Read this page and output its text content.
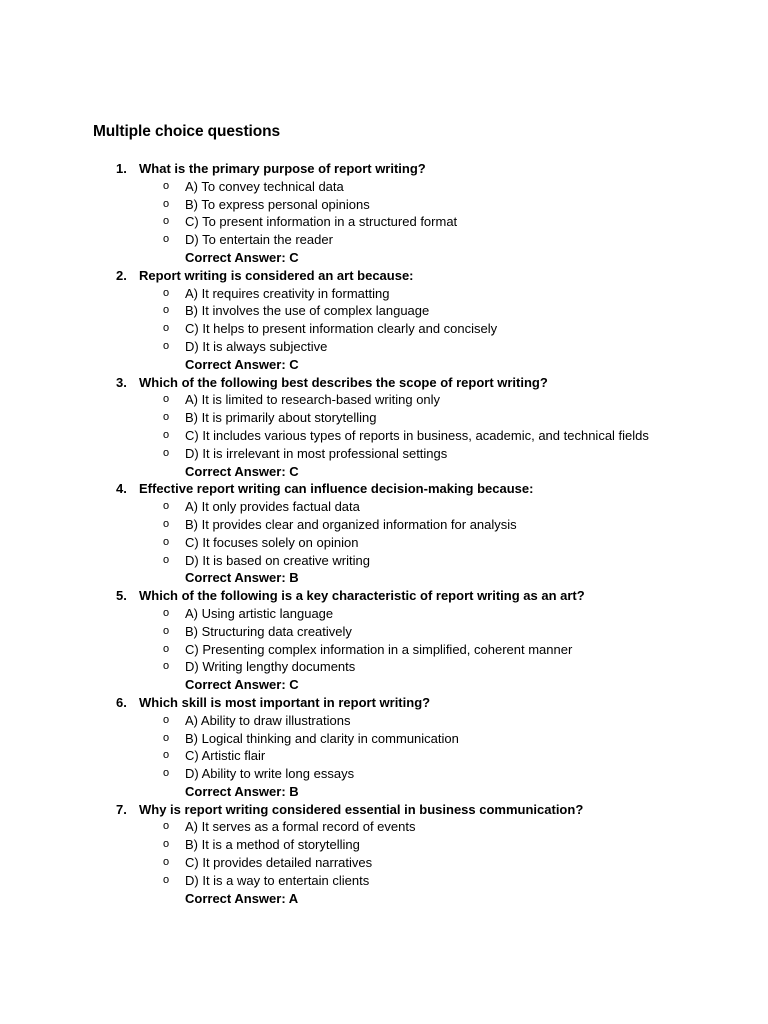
Multiple choice questions
1. What is the primary purpose of report writing?
o A) To convey technical data
o B) To express personal opinions
o C) To present information in a structured format
o D) To entertain the reader
Correct Answer: C
2. Report writing is considered an art because:
o A) It requires creativity in formatting
o B) It involves the use of complex language
o C) It helps to present information clearly and concisely
o D) It is always subjective
Correct Answer: C
3. Which of the following best describes the scope of report writing?
o A) It is limited to research-based writing only
o B) It is primarily about storytelling
o C) It includes various types of reports in business, academic, and technical fields
o D) It is irrelevant in most professional settings
Correct Answer: C
4. Effective report writing can influence decision-making because:
o A) It only provides factual data
o B) It provides clear and organized information for analysis
o C) It focuses solely on opinion
o D) It is based on creative writing
Correct Answer: B
5. Which of the following is a key characteristic of report writing as an art?
o A) Using artistic language
o B) Structuring data creatively
o C) Presenting complex information in a simplified, coherent manner
o D) Writing lengthy documents
Correct Answer: C
6. Which skill is most important in report writing?
o A) Ability to draw illustrations
o B) Logical thinking and clarity in communication
o C) Artistic flair
o D) Ability to write long essays
Correct Answer: B
7. Why is report writing considered essential in business communication?
o A) It serves as a formal record of events
o B) It is a method of storytelling
o C) It provides detailed narratives
o D) It is a way to entertain clients
Correct Answer: A
